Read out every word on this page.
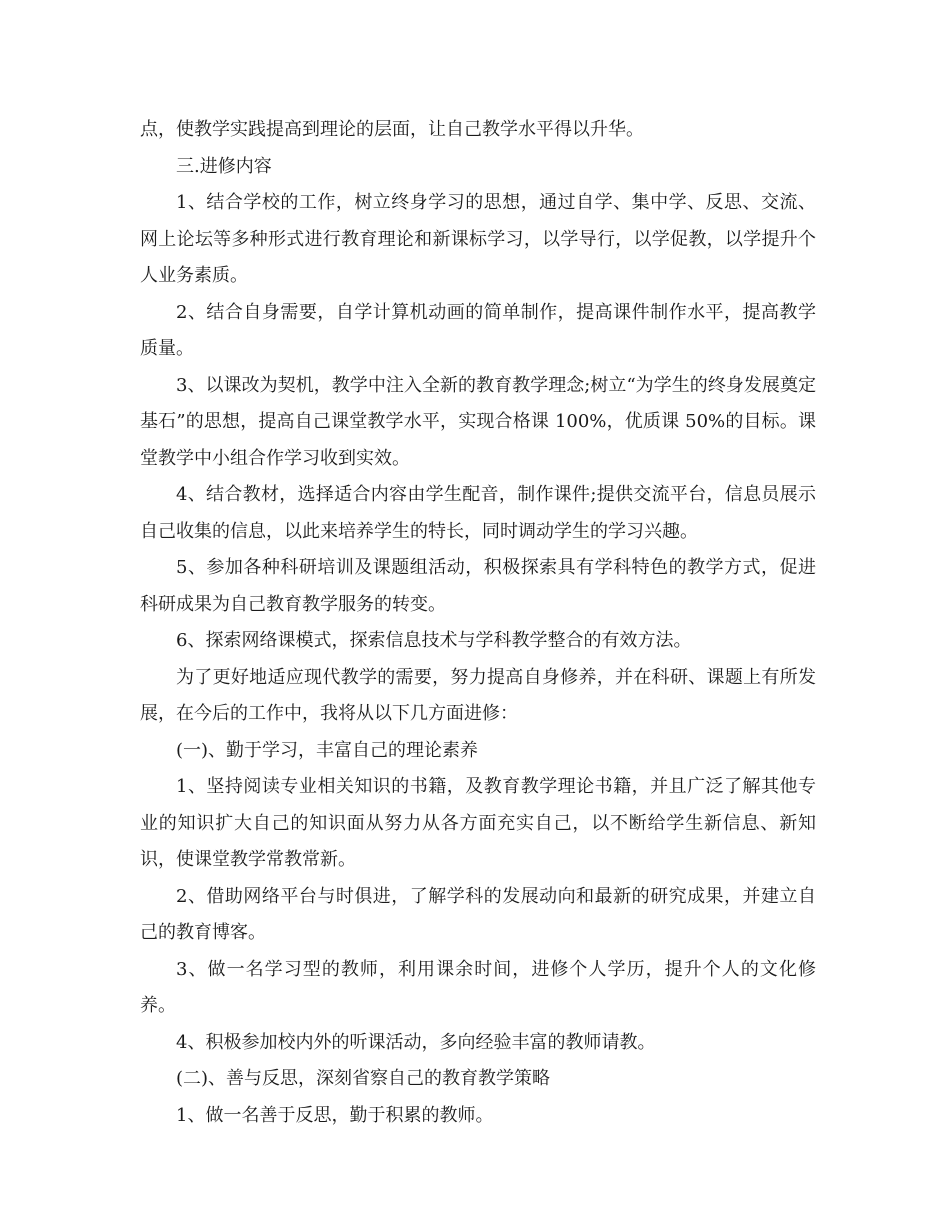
点，使教学实践提高到理论的层面，让自己教学水平得以升华。

三.进修内容

1、结合学校的工作，树立终身学习的思想，通过自学、集中学、反思、交流、网上论坛等多种形式进行教育理论和新课标学习，以学导行，以学促教，以学提升个人业务素质。

2、结合自身需要，自学计算机动画的简单制作，提高课件制作水平，提高教学质量。

3、以课改为契机，教学中注入全新的教育教学理念;树立“为学生的终身发展奠定基石”的思想，提高自己课堂教学水平，实现合格课 100%，优质课 50%的目标。课堂教学中小组合作学习收到实效。

4、结合教材，选择适合内容由学生配音，制作课件;提供交流平台，信息员展示自己收集的信息，以此来培养学生的特长，同时调动学生的学习兴趣。

5、参加各种科研培训及课题组活动，积极探索具有学科特色的教学方式，促进科研成果为自己教育教学服务的转变。

6、探索网络课模式，探索信息技术与学科教学整合的有效方法。

为了更好地适应现代教学的需要，努力提高自身修养，并在科研、课题上有所发展，在今后的工作中，我将从以下几方面进修：

(一)、勤于学习，丰富自己的理论素养

1、坚持阅读专业相关知识的书籍，及教育教学理论书籍，并且广泛了解其他专业的知识扩大自己的知识面从努力从各方面充实自己，以不断给学生新信息、新知识，使课堂教学常教常新。

2、借助网络平台与时俱进，了解学科的发展动向和最新的研究成果，并建立自己的教育博客。

3、做一名学习型的教师，利用课余时间，进修个人学历，提升个人的文化修养。

4、积极参加校内外的听课活动，多向经验丰富的教师请教。

(二)、善与反思，深刻省察自己的教育教学策略

1、做一名善于反思，勤于积累的教师。
